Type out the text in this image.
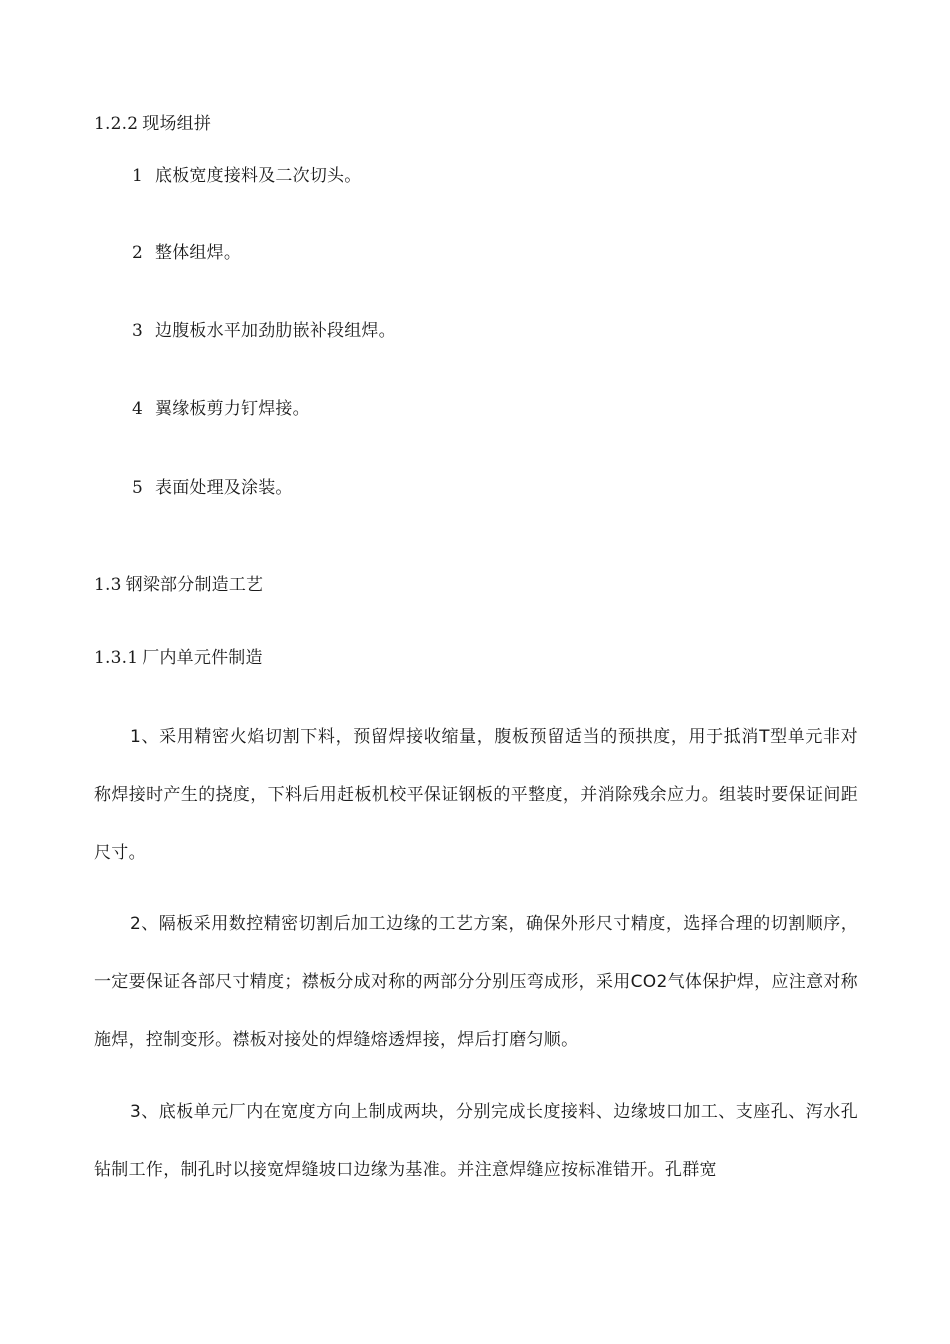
1.2.2 现场组拼
1 底板宽度接料及二次切头。
2 整体组焊。
3 边腹板水平加劲肋嵌补段组焊。
4 翼缘板剪力钉焊接。
5 表面处理及涂装。
1.3 钢梁部分制造工艺
1.3.1 厂内单元件制造

1、采用精密火焰切割下料，预留焊接收缩量，腹板预留适当的预拱度，用于抵消T型单元非对称焊接时产生的挠度，下料后用赶板机校平保证钢板的平整度，并消除残余应力。组装时要保证间距尺寸。

2、隔板采用数控精密切割后加工边缘的工艺方案，确保外形尺寸精度，选择合理的切割顺序，一定要保证各部尺寸精度；襟板分成对称的两部分分别压弯成形，采用CO2气体保护焊，应注意对称施焊，控制变形。襟板对接处的焊缝熔透焊接，焊后打磨匀顺。

3、底板单元厂内在宽度方向上制成两块，分别完成长度接料、边缘坡口加工、支座孔、泻水孔钻制工作，制孔时以接宽焊缝坡口边缘为基准。并注意焊缝应按标准错开。孔群宽
